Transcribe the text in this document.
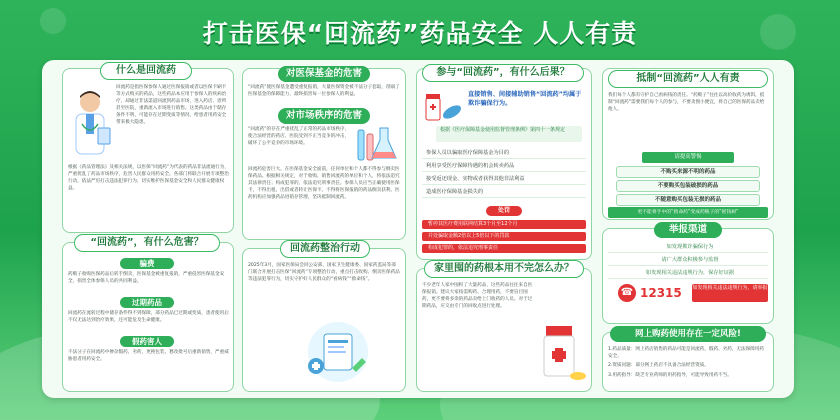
打击医保“回流药”药品安全 人人有责
什么是回流药
回流药是指医保参保人通过医保报销或者以医保卡刷卡等方式购买的药品，这些药品本应用于参保人的疾病治疗，却通过非法渠道回流到药品市场，进入药店、诊所甚至医院，重新流入市场进行销售。这类药品由于储存条件不明、可能存在过期变质等情况，给患者用药安全带来极大隐患。
根据《药品管理法》及相关法规，以医保“回流药”为代表的药品非法流通行为，严重扰乱了药品市场秩序，危害人民群众用药安全。各部门将联合开展专项整治行动，依法严厉打击违法犯罪行为，切实维护医保基金安全和人民群众健康权益。
“回流药”，有什么危害？
骗费
药贩子收购医保药品后转手倒卖，医保基金被重复报销，严重侵害医保基金安全，损害全体参保人员的共同利益。
过期药品
回流药在流转过程中储存条件得不到保障，部分药品已过期或变质，患者使用后不仅无法达到治疗效果，还可能危及生命健康。
假药害人
不法分子在回流药中掺杂假药、劣药，更换包装、篡改批号后重新销售，严重威胁患者用药安全。
对医保基金的危害
“回流药”使医保基金遭受重复报销，大量医保资金被不法分子套取，削弱了医保基金的保障能力，最终损害每一位参保人的利益。
对市场秩序的危害
“回流药”的存在严重扰乱了正常的药品市场秩序，使合法经营的药店、医院受到不正当竞争的冲击，破坏了公平竞争的市场环境。
回流药危害巨大。在医保基金安全面前，任何单位和个人都不得参与倒卖医保药品。根据相关规定，对于收购、销售回流药的单位和个人，将依法追究其法律责任；构成犯罪的，依法追究刑事责任。参保人员应当正确使用医保卡，不得出租、出借或者转让医保卡，不得将医保报销的药品倒卖获利。医药机构应加强药品进销存管理，坚决抵制回流药。
回流药整治行动
2025年3月，国家医保局会同公安部、国家卫生健康委、国家药监局等部门联合开展打击医保“回流药”专项整治行动，重点打击收购、倒卖医保药品等违法犯罪行为，切实守护好人民群众的“看病钱”“救命钱”。
参与“回流药”，有什么后果？
直接销售、间接辅助销售“回流药”均属于欺诈骗保行为。
根据《医疗保障基金使用监督管理条例》第四十一条规定
参保人员以骗取医疗保障基金为目的
利用享受医疗保障待遇的机会转卖药品
接受返还现金、实物或者获得其他非法利益
造成医疗保障基金损失的
处罚
暂停其医疗费用联网结算3个月至12个月
并处骗取金额2倍以上5倍以下的罚款
构成犯罪的，依法追究刑事责任
家里囤的药根本用不完怎么办？
不少老年人家中囤积了大量药品，这些药品往往来自医保报销。建议大家按需购药、合理用药，不要盲目囤药，更不要将多余的药品卖给上门收药的人员。对于过期药品，应交由专门的回收点进行处理。
抵制“回流药”人人有责
我们每个人都有守护自己看病钱的责任。“药贩子”往往以高价收药为诱饵，抵制“回流药”需要我们每个人的参与，不要贪图小便宜，将自己的医保药品卖给他人。
请提高警惕
不购买来源不明的药品
不要购买包装破损的药品
不随意购买包装无损的药品
更不能将手中的“救命药”变成药贩子的“摇钱树”
举报渠道
如发现欺诈骗保行为
请广大群众积极参与监督
如发现相关违法违规行为，保存好证据
☎ 12315 如发现相关违法违规行为，请举报
网上购药使用存在一定风险!
1.药品质量：网上药店销售的药品可能是回流药、假药、劣药，无法保障用药安全。
2.资质问题：部分网上药店不具备合法经营资质。
3.用药指导：缺乏专业药师的用药指导，可能导致用药不当。
